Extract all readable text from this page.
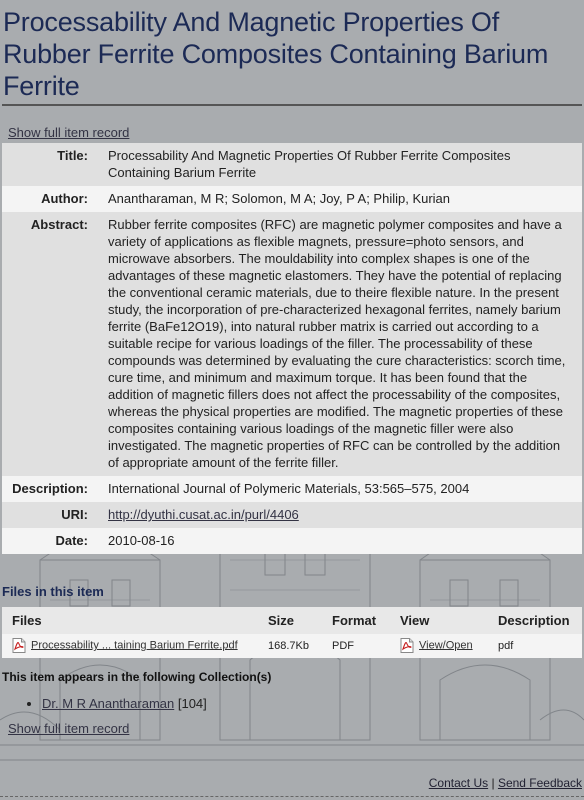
Processability And Magnetic Properties Of Rubber Ferrite Composites Containing Barium Ferrite
Show full item record
Title:	Processability And Magnetic Properties Of Rubber Ferrite Composites Containing Barium Ferrite
Author:	Anantharaman, M R; Solomon, M A; Joy, P A; Philip, Kurian
Abstract:	Rubber ferrite composites (RFC) are magnetic polymer composites and have a variety of applications as flexible magnets, pressure=photo sensors, and microwave absorbers. The mouldability into complex shapes is one of the advantages of these magnetic elastomers. They have the potential of replacing the conventional ceramic materials, due to theire flexible nature. In the present study, the incorporation of pre-characterized hexagonal ferrites, namely barium ferrite (BaFe12O19), into natural rubber matrix is carried out according to a suitable recipe for various loadings of the filler. The processability of these compounds was determined by evaluating the cure characteristics: scorch time, cure time, and minimum and maximum torque. It has been found that the addition of magnetic fillers does not affect the processability of the composites, whereas the physical properties are modified. The magnetic properties of these composites containing various loadings of the magnetic filler were also investigated. The magnetic properties of RFC can be controlled by the addition of appropriate amount of the ferrite filler.
Description:	International Journal of Polymeric Materials, 53:565–575, 2004
URI:	http://dyuthi.cusat.ac.in/purl/4406
Date:	2010-08-16
Files in this item
Files	Size	Format	View	Description
Processability ... taining Barium Ferrite.pdf	168.7Kb	PDF	View/Open	pdf
This item appears in the following Collection(s)
• Dr. M R Anantharaman [104]
Show full item record
Contact Us | Send Feedback
